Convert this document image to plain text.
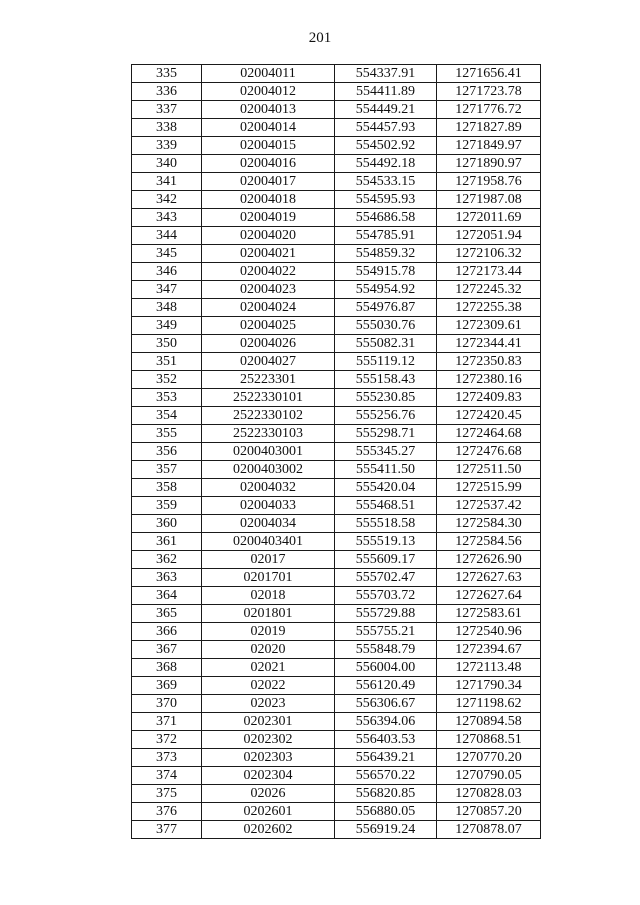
201
335	02004011	554337.91	1271656.41
336	02004012	554411.89	1271723.78
337	02004013	554449.21	1271776.72
338	02004014	554457.93	1271827.89
339	02004015	554502.92	1271849.97
340	02004016	554492.18	1271890.97
341	02004017	554533.15	1271958.76
342	02004018	554595.93	1271987.08
343	02004019	554686.58	1272011.69
344	02004020	554785.91	1272051.94
345	02004021	554859.32	1272106.32
346	02004022	554915.78	1272173.44
347	02004023	554954.92	1272245.32
348	02004024	554976.87	1272255.38
349	02004025	555030.76	1272309.61
350	02004026	555082.31	1272344.41
351	02004027	555119.12	1272350.83
352	25223301	555158.43	1272380.16
353	2522330101	555230.85	1272409.83
354	2522330102	555256.76	1272420.45
355	2522330103	555298.71	1272464.68
356	0200403001	555345.27	1272476.68
357	0200403002	555411.50	1272511.50
358	02004032	555420.04	1272515.99
359	02004033	555468.51	1272537.42
360	02004034	555518.58	1272584.30
361	0200403401	555519.13	1272584.56
362	02017	555609.17	1272626.90
363	0201701	555702.47	1272627.63
364	02018	555703.72	1272627.64
365	0201801	555729.88	1272583.61
366	02019	555755.21	1272540.96
367	02020	555848.79	1272394.67
368	02021	556004.00	1272113.48
369	02022	556120.49	1271790.34
370	02023	556306.67	1271198.62
371	0202301	556394.06	1270894.58
372	0202302	556403.53	1270868.51
373	0202303	556439.21	1270770.20
374	0202304	556570.22	1270790.05
375	02026	556820.85	1270828.03
376	0202601	556880.05	1270857.20
377	0202602	556919.24	1270878.07
